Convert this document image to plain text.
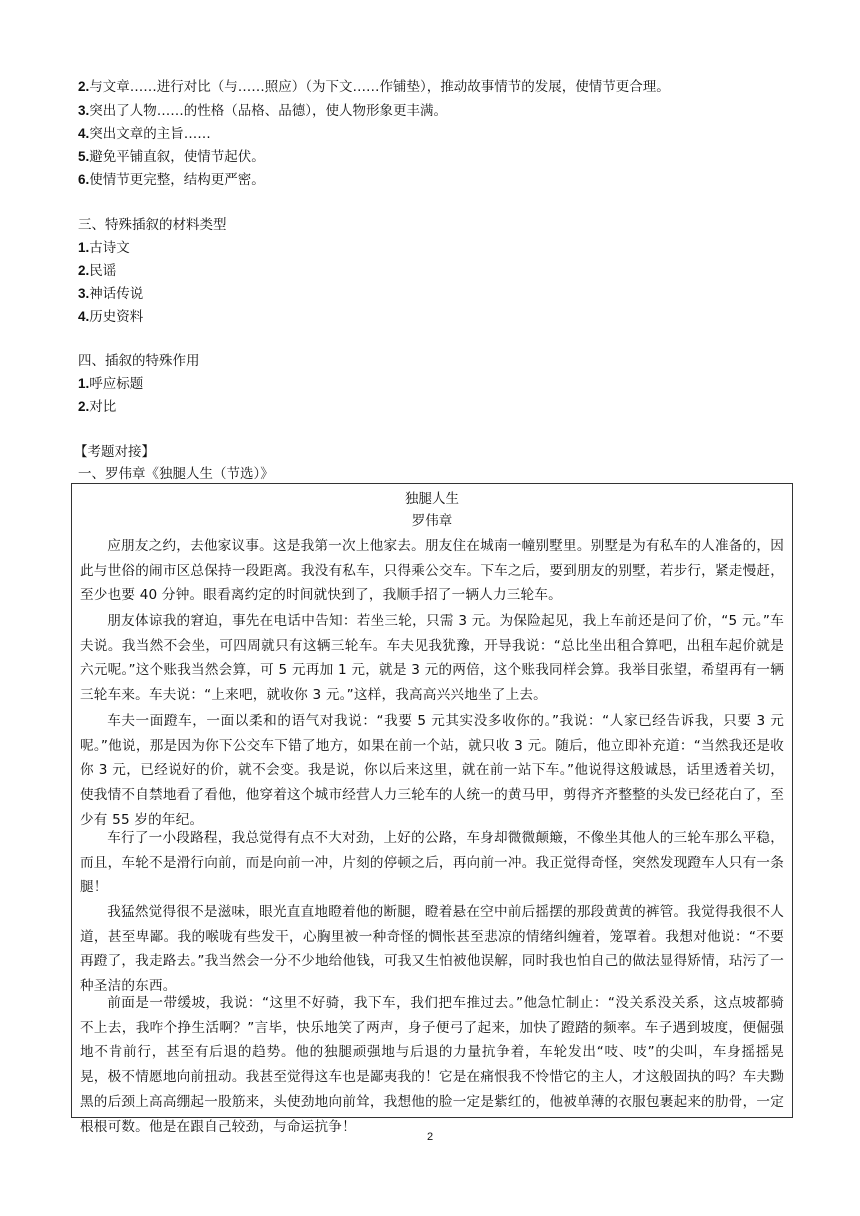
2.与文章……进行对比（与……照应）（为下文……作铺垫），推动故事情节的发展，使情节更合理。
3.突出了人物……的性格（品格、品德），使人物形象更丰满。
4.突出文章的主旨……
5.避免平铺直叙，使情节起伏。
6.使情节更完整，结构更严密。
三、特殊插叙的材料类型
1.古诗文
2.民谣
3.神话传说
4.历史资料
四、插叙的特殊作用
1.呼应标题
2.对比
【考题对接】
一、罗伟章《独腿人生（节选）》
独腿人生
罗伟章

应朋友之约，去他家议事。这是我第一次上他家去。朋友住在城南一幢别墅里。别墅是为有私车的人准备的，因此与世俗的闹市区总保持一段距离。我没有私车，只得乘公交车。下车之后，要到朋友的别墅，若步行，紧走慢赶，至少也要 40 分钟。眼看离约定的时间就快到了，我顺手招了一辆人力三轮车。

朋友体谅我的窘迫，事先在电话中告知：若坐三轮，只需 3 元。为保险起见，我上车前还是问了价，“5 元。”车夫说。我当然不会坐，可四周就只有这辆三轮车。车夫见我犹豫，开导我说：“总比坐出租合算吧，出租车起价就是六元呢。”这个账我当然会算，可 5 元再加 1 元，就是 3 元的两倍，这个账我同样会算。我举目张望，希望再有一辆三轮车来。车夫说：“上来吧，就收你 3 元。”这样，我高高兴兴地坐了上去。

车夫一面蹬车，一面以柔和的语气对我说：“我要 5 元其实没多收你的。”我说：“人家已经告诉我，只要 3 元呢。”他说，那是因为你下公交车下错了地方，如果在前一个站，就只收 3 元。随后，他立即补充道：“当然我还是收你 3 元，已经说好的价，就不会变。我是说，你以后来这里，就在前一站下车。”他说得这般诚恳，话里透着关切，使我情不自禁地看了看他，他穿着这个城市经营人力三轮车的人统一的黄马甲，剪得齐齐整整的头发已经花白了，至少有 55 岁的年纪。

车行了一小段路程，我总觉得有点不大对劲，上好的公路，车身却微微颠簸，不像坐其他人的三轮车那么平稳，而且，车轮不是滑行向前，而是向前一冲，片刻的停顿之后，再向前一冲。我正觉得奇怪，突然发现蹬车人只有一条腿！

我猛然觉得很不是滋味，眼光直直地瞪着他的断腿，瞪着悬在空中前后摇摆的那段黄黄的裤管。我觉得我很不人道，甚至卑鄙。我的喉咙有些发干，心胸里被一种奇怪的惆怅甚至悲凉的情绪纠缠着，笼罩着。我想对他说：“不要再蹬了，我走路去。”我当然会一分不少地给他钱，可我又生怕被他误解，同时我也怕自己的做法显得矫情，玷污了一种圣洁的东西。

前面是一带缓坡，我说：“这里不好骑，我下车，我们把车推过去。”他急忙制止：“没关系没关系，这点坡都骑不上去，我咋个挣生活啊？”言毕，快乐地笑了两声，身子便弓了起来，加快了蹬踏的频率。车子遇到坡度，便倔强地不肯前行，甚至有后退的趋势。他的独腿顽强地与后退的力量抗争着，车轮发出“吱、吱”的尖叫，车身摇摇晃晃，极不情愿地向前扭动。我甚至觉得这车也是鄙夷我的！它是在痛恨我不怜惜它的主人，才这般固执的吗？车夫黝黑的后颈上高高绷起一股筋来，头使劲地向前耸，我想他的脸一定是紫红的，他被单薄的衣服包裹起来的肋骨，一定根根可数。他是在跟自己较劲，与命运抗争！

2
